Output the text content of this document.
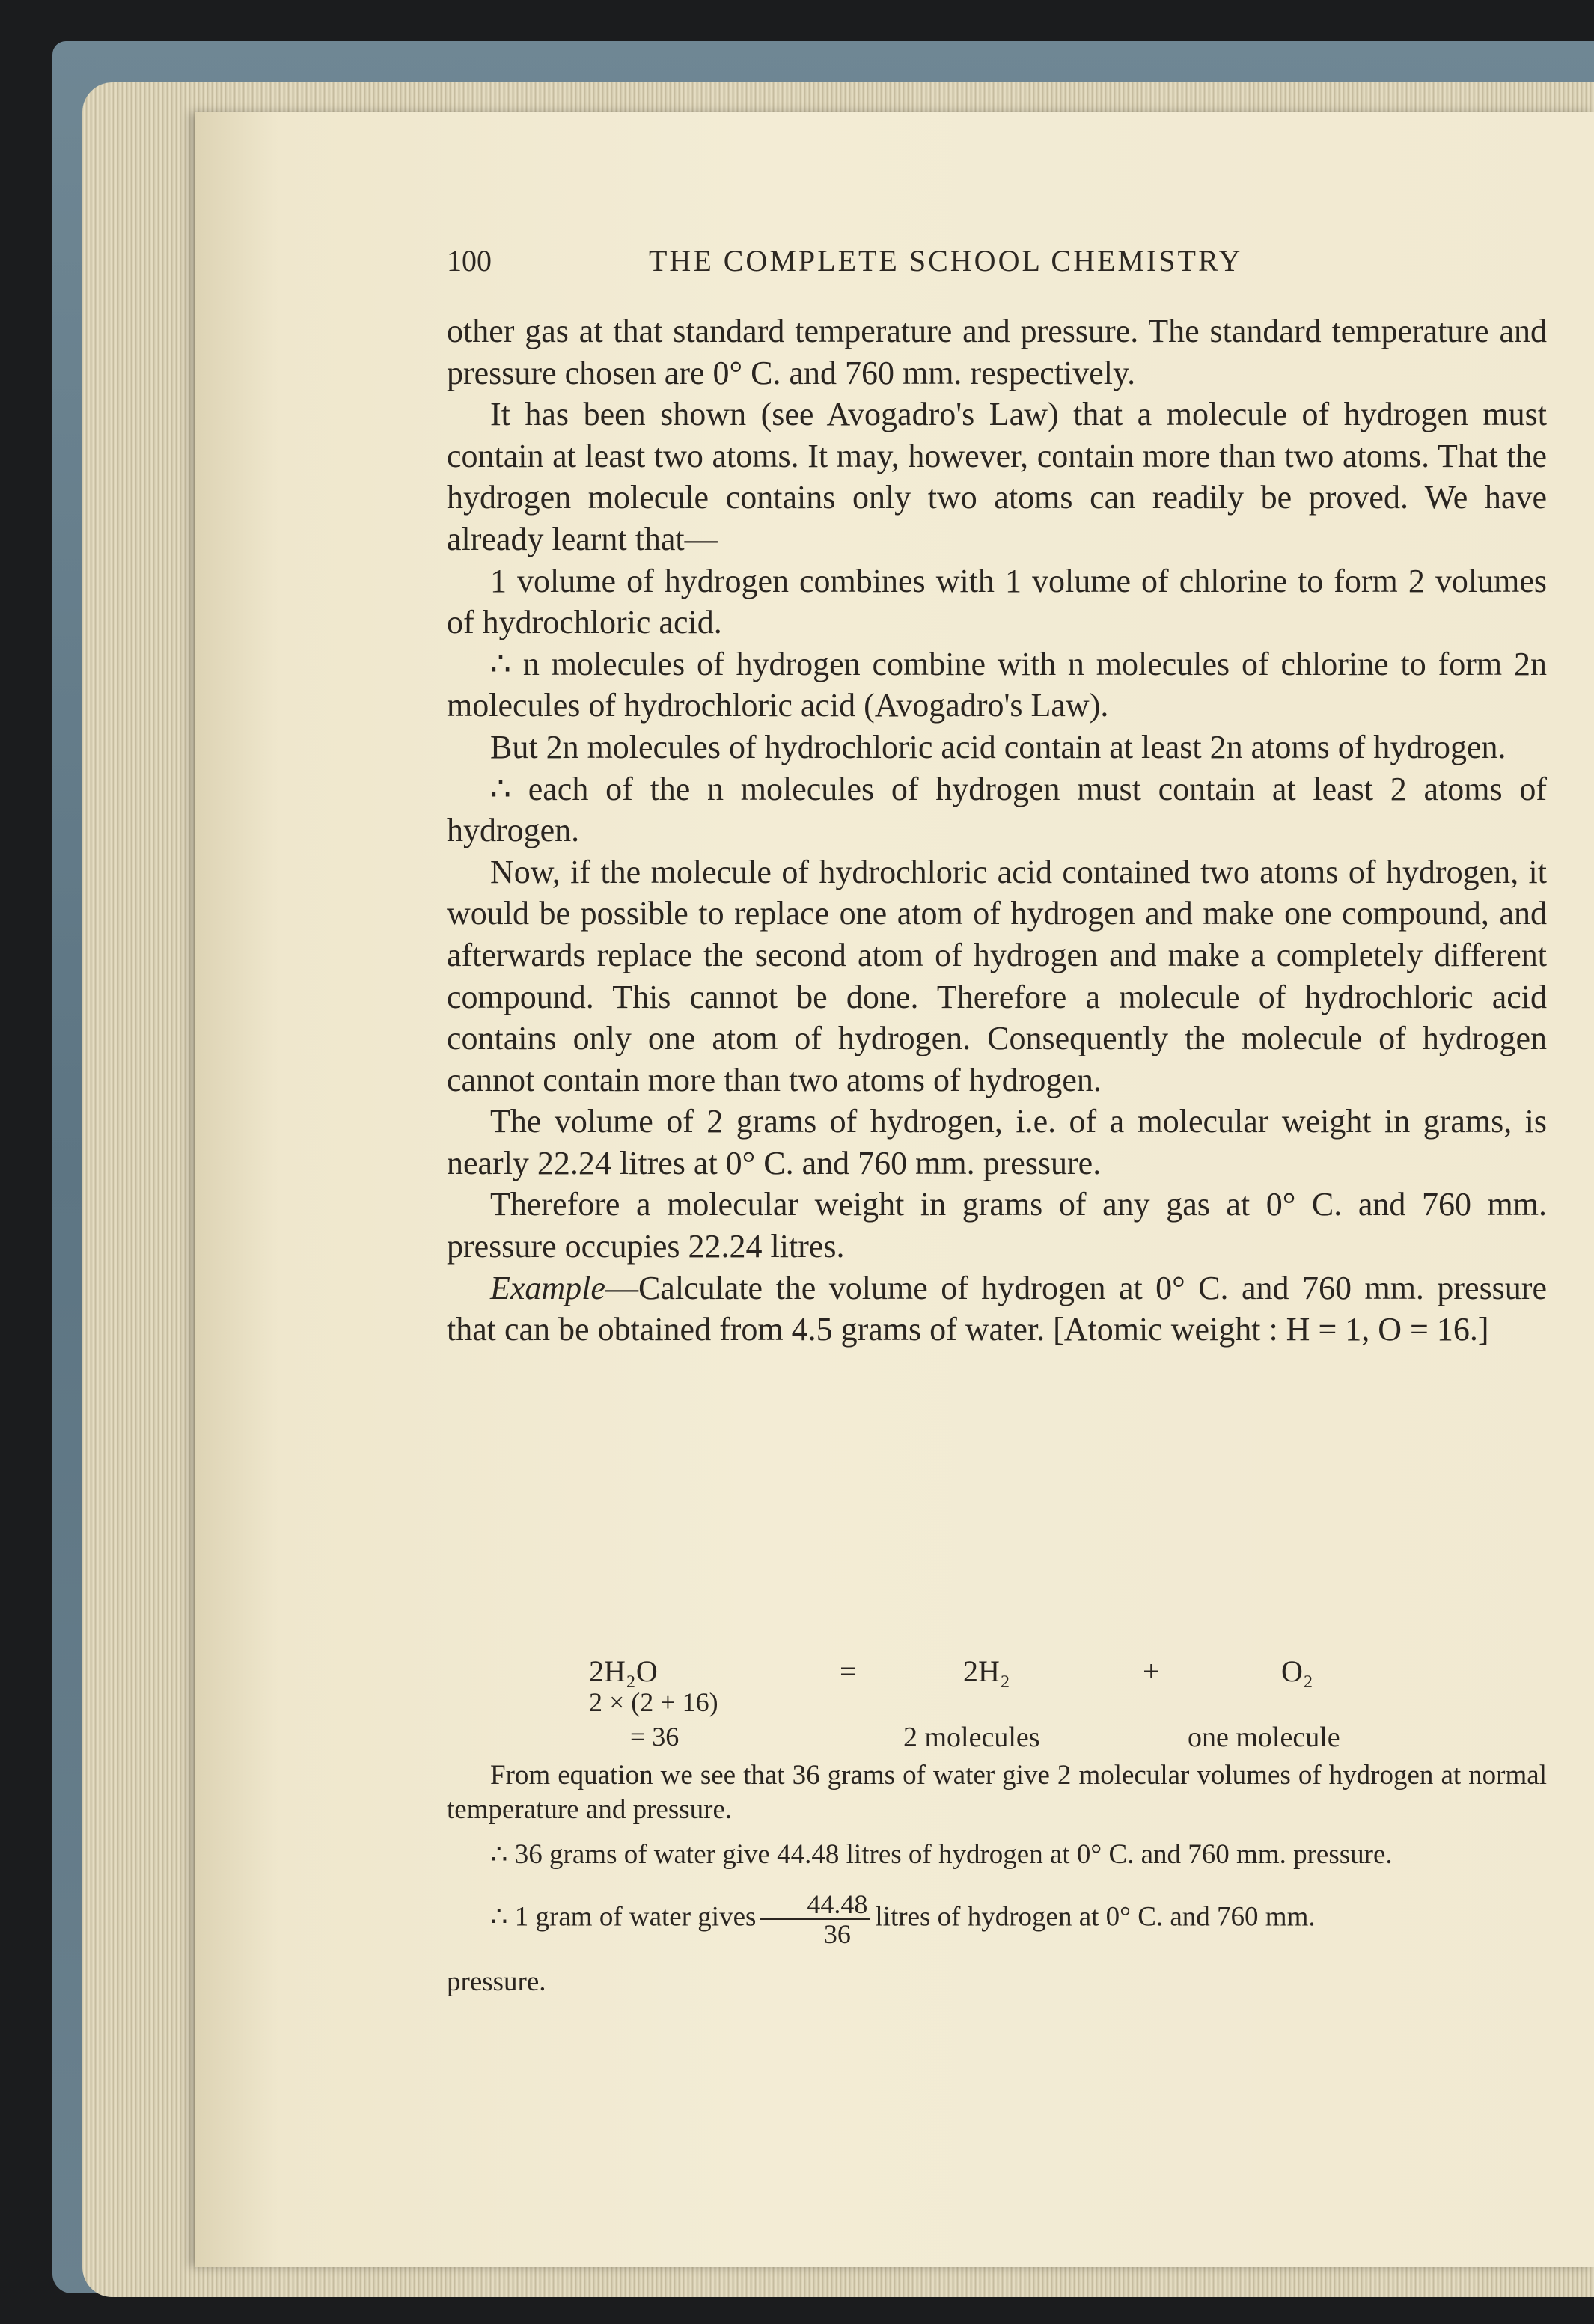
100	THE COMPLETE SCHOOL CHEMISTRY

other gas at that standard temperature and pressure. The standard temperature and pressure chosen are 0° C. and 760 mm. respectively.

It has been shown (see Avogadro's Law) that a molecule of hydrogen must contain at least two atoms. It may, however, contain more than two atoms. That the hydrogen molecule contains only two atoms can readily be proved. We have already learnt that—

1 volume of hydrogen combines with 1 volume of chlorine to form 2 volumes of hydrochloric acid.

∴ n molecules of hydrogen combine with n molecules of chlorine to form 2n molecules of hydrochloric acid (Avogadro's Law).

But 2n molecules of hydrochloric acid contain at least 2n atoms of hydrogen.

∴ each of the n molecules of hydrogen must contain at least 2 atoms of hydrogen.

Now, if the molecule of hydrochloric acid contained two atoms of hydrogen, it would be possible to replace one atom of hydrogen and make one compound, and afterwards replace the second atom of hydrogen and make a completely different compound. This cannot be done. Therefore a molecule of hydrochloric acid contains only one atom of hydrogen. Consequently the molecule of hydrogen cannot contain more than two atoms of hydrogen.

The volume of 2 grams of hydrogen, i.e. of a molecular weight in grams, is nearly 22.24 litres at 0° C. and 760 mm. pressure.

Therefore a molecular weight in grams of any gas at 0° C. and 760 mm. pressure occupies 22.24 litres.

Example—Calculate the volume of hydrogen at 0° C. and 760 mm. pressure that can be obtained from 4.5 grams of water. [Atomic weight : H = 1, O = 16.]

2H₂O	=	2H₂	+	O₂
2 × (2 + 16)
= 36	2 molecules	one molecule

From equation we see that 36 grams of water give 2 molecular volumes of hydrogen at normal temperature and pressure.

∴ 36 grams of water give 44.48 litres of hydrogen at 0° C. and 760 mm. pressure.

∴ 1 gram of water gives $\frac{44.48}{36}$ litres of hydrogen at 0° C. and 760 mm.

pressure.
